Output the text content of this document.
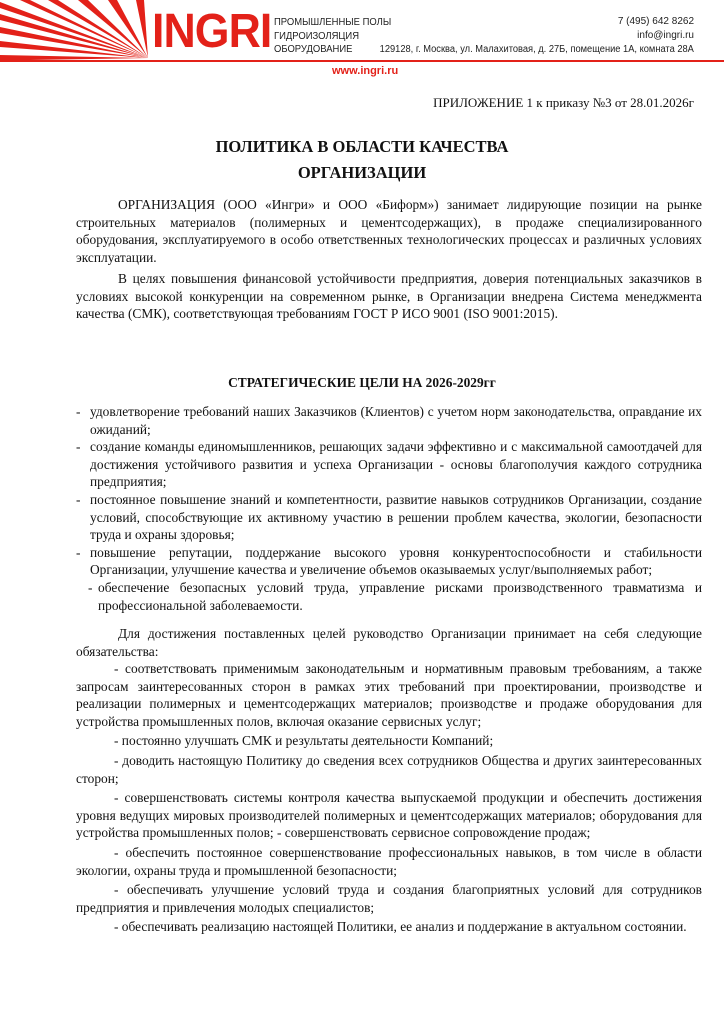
INGRI ПРОМЫШЛЕННЫЕ ПОЛЫ
ГИДРОИЗОЛЯЦИЯ
ОБОРУДОВАНИЕ
7 (495) 642 8262
info@ingri.ru
129128, г. Москва, ул. Малахитовая, д. 27Б, помещение 1А, комната 28А
www.ingri.ru
ПРИЛОЖЕНИЕ 1 к приказу №3 от 28.01.2026г
ПОЛИТИКА В ОБЛАСТИ КАЧЕСТВА
ОРГАНИЗАЦИИ

ОРГАНИЗАЦИЯ (ООО «Ингри» и ООО «Биформ») занимает лидирующие позиции на рынке строительных материалов (полимерных и цементсодержащих), в продаже специализированного оборудования, эксплуатируемого в особо ответственных технологических процессах и различных условиях эксплуатации.

В целях повышения финансовой устойчивости предприятия, доверия потенциальных заказчиков в условиях высокой конкуренции на современном рынке, в Организации внедрена Система менеджмента качества (СМК), соответствующая требованиям ГОСТ Р ИСО 9001 (ISO 9001:2015).

СТРАТЕГИЧЕСКИЕ ЦЕЛИ НА 2026-2029гг
- удовлетворение требований наших Заказчиков (Клиентов) с учетом норм законодательства, оправдание их ожиданий;
- создание команды единомышленников, решающих задачи эффективно и с максимальной самоотдачей для достижения устойчивого развития и успеха Организации - основы благополучия каждого сотрудника предприятия;
- постоянное повышение знаний и компетентности, развитие навыков сотрудников Организации, создание условий, способствующие их активному участию в решении проблем качества, экологии, безопасности труда и охраны здоровья;
- повышение репутации, поддержание высокого уровня конкурентоспособности и стабильности Организации, улучшение качества и увеличение объемов оказываемых услуг/выполняемых работ;
- обеспечение безопасных условий труда, управление рисками производственного травматизма и профессиональной заболеваемости.

Для достижения поставленных целей руководство Организации принимает на себя следующие обязательства:

- соответствовать применимым законодательным и нормативным правовым требованиям, а также запросам заинтересованных сторон в рамках этих требований при проектировании, производстве и реализации полимерных и цементсодержащих материалов; производстве и продаже оборудования для устройства промышленных полов, включая оказание сервисных услуг;

- постоянно улучшать СМК и результаты деятельности Компаний;

- доводить настоящую Политику до сведения всех сотрудников Общества и других заинтересованных сторон;

- совершенствовать системы контроля качества выпускаемой продукции и обеспечить достижения уровня ведущих мировых производителей полимерных и цементсодержащих материалов; оборудования для устройства промышленных полов; - совершенствовать сервисное сопровождение продаж;

- обеспечить постоянное совершенствование профессиональных навыков, в том числе в области экологии, охраны труда и промышленной безопасности;

- обеспечивать улучшение условий труда и создания благоприятных условий для сотрудников предприятия и привлечения молодых специалистов;

- обеспечивать реализацию настоящей Политики, ее анализ и поддержание в актуальном состоянии.
